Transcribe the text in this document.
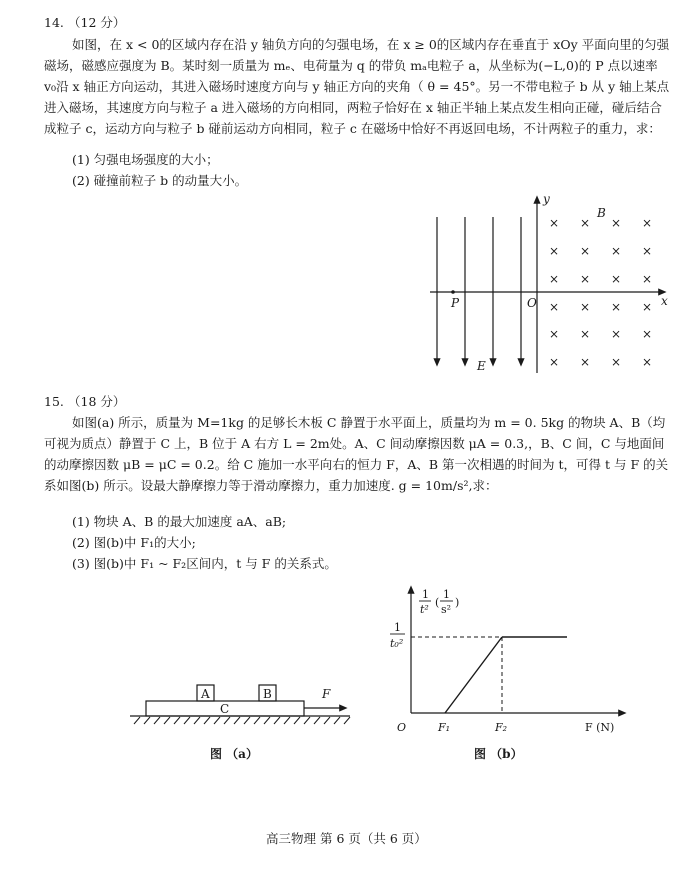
14. （12 分）
如图，在 x < 0的区域内存在沿 y 轴负方向的匀强电场，在 x ≥ 0的区域内存在垂直于 xOy 平面向里的匀强磁场，磁感应强度为 B。某时刻一质量为 mₑ、电荷量为 q 的带负 mₐ电粒子 a，从坐标为(−L,0)的 P 点以速率 v₀沿 x 轴正方向运动，其进入磁场时速度方向与 y 轴正方向的夹角（ θ = 45°。另一不带电粒子 b 从 y 轴上某点进入磁场，其速度方向与粒子 a 进入磁场的方向相同，两粒子恰好在 x 轴正半轴上某点发生相向正碰，碰后结合成粒子 c，运动方向与粒子 b 碰前运动方向相同，粒子 c 在磁场中恰好不再返回电场，不计两粒子的重力，求：
(1) 匀强电场强度的大小；
(2) 碰撞前粒子 b 的动量大小。
× × × ×
× × × ×
× × × ×
× × × ×
× × × ×
× × × ×
y
x
B
P	O
E
15. （18 分）
如图(a) 所示，质量为 M=1kg 的足够长木板 C 静置于水平面上，质量均为 m = 0. 5kg 的物块 A、B（均可视为质点）静置于 C 上，B 位于 A 右方 L = 2m处。A、C 间动摩擦因数 μA = 0.3,，B、C 间，C 与地面间的动摩擦因数 μB = μC = 0.2。给 C 施加一水平向右的恒力 F，A、B 第一次相遇的时间为 t，可得 t 与 F 的关系如图(b) 所示。设最大静摩擦力等于滑动摩擦力，重力加速度. g = 10m/s²,求：
(1) 物块 A、B 的最大加速度 aA、aB;
(2) 图(b)中 F₁的大小;
(3) 图(b)中 F₁ ~ F₂区间内，t 与 F 的关系式。
A	B
C
F
图 （a）
1
t²
(
1
s²
)
1
t₀²
O	F₁	F₂	F (N)
图 （b）
高三物理 第 6 页（共 6 页）
